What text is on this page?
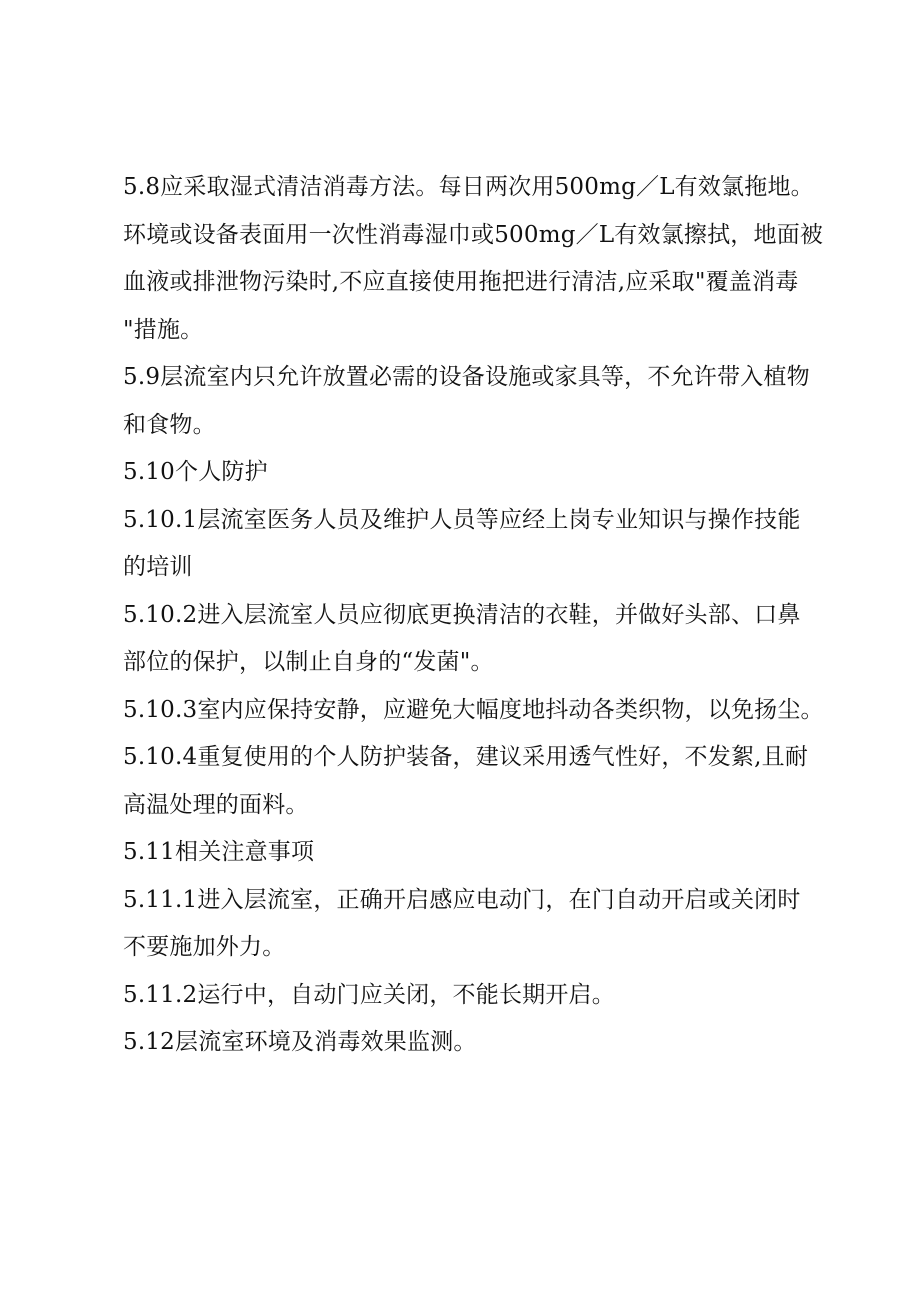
5.8应采取湿式清洁消毒方法。每日两次用500mg／L有效氯拖地。
环境或设备表面用一次性消毒湿巾或500mg／L有效氯擦拭，地面被
血液或排泄物污染时,不应直接使用拖把进行清洁,应采取"覆盖消毒
"措施。
5.9层流室内只允许放置必需的设备设施或家具等，不允许带入植物
和食物。
5.10个人防护
5.10.1层流室医务人员及维护人员等应经上岗专业知识与操作技能
的培训
5.10.2进入层流室人员应彻底更换清洁的衣鞋，并做好头部、口鼻
部位的保护，以制止自身的“发菌"。
5.10.3室内应保持安静，应避免大幅度地抖动各类织物，以免扬尘。
5.10.4重复使用的个人防护装备，建议采用透气性好，不发絮,且耐
高温处理的面料。
5.11相关注意事项
5.11.1进入层流室，正确开启感应电动门，在门自动开启或关闭时
不要施加外力。
5.11.2运行中，自动门应关闭，不能长期开启。
5.12层流室环境及消毒效果监测。
